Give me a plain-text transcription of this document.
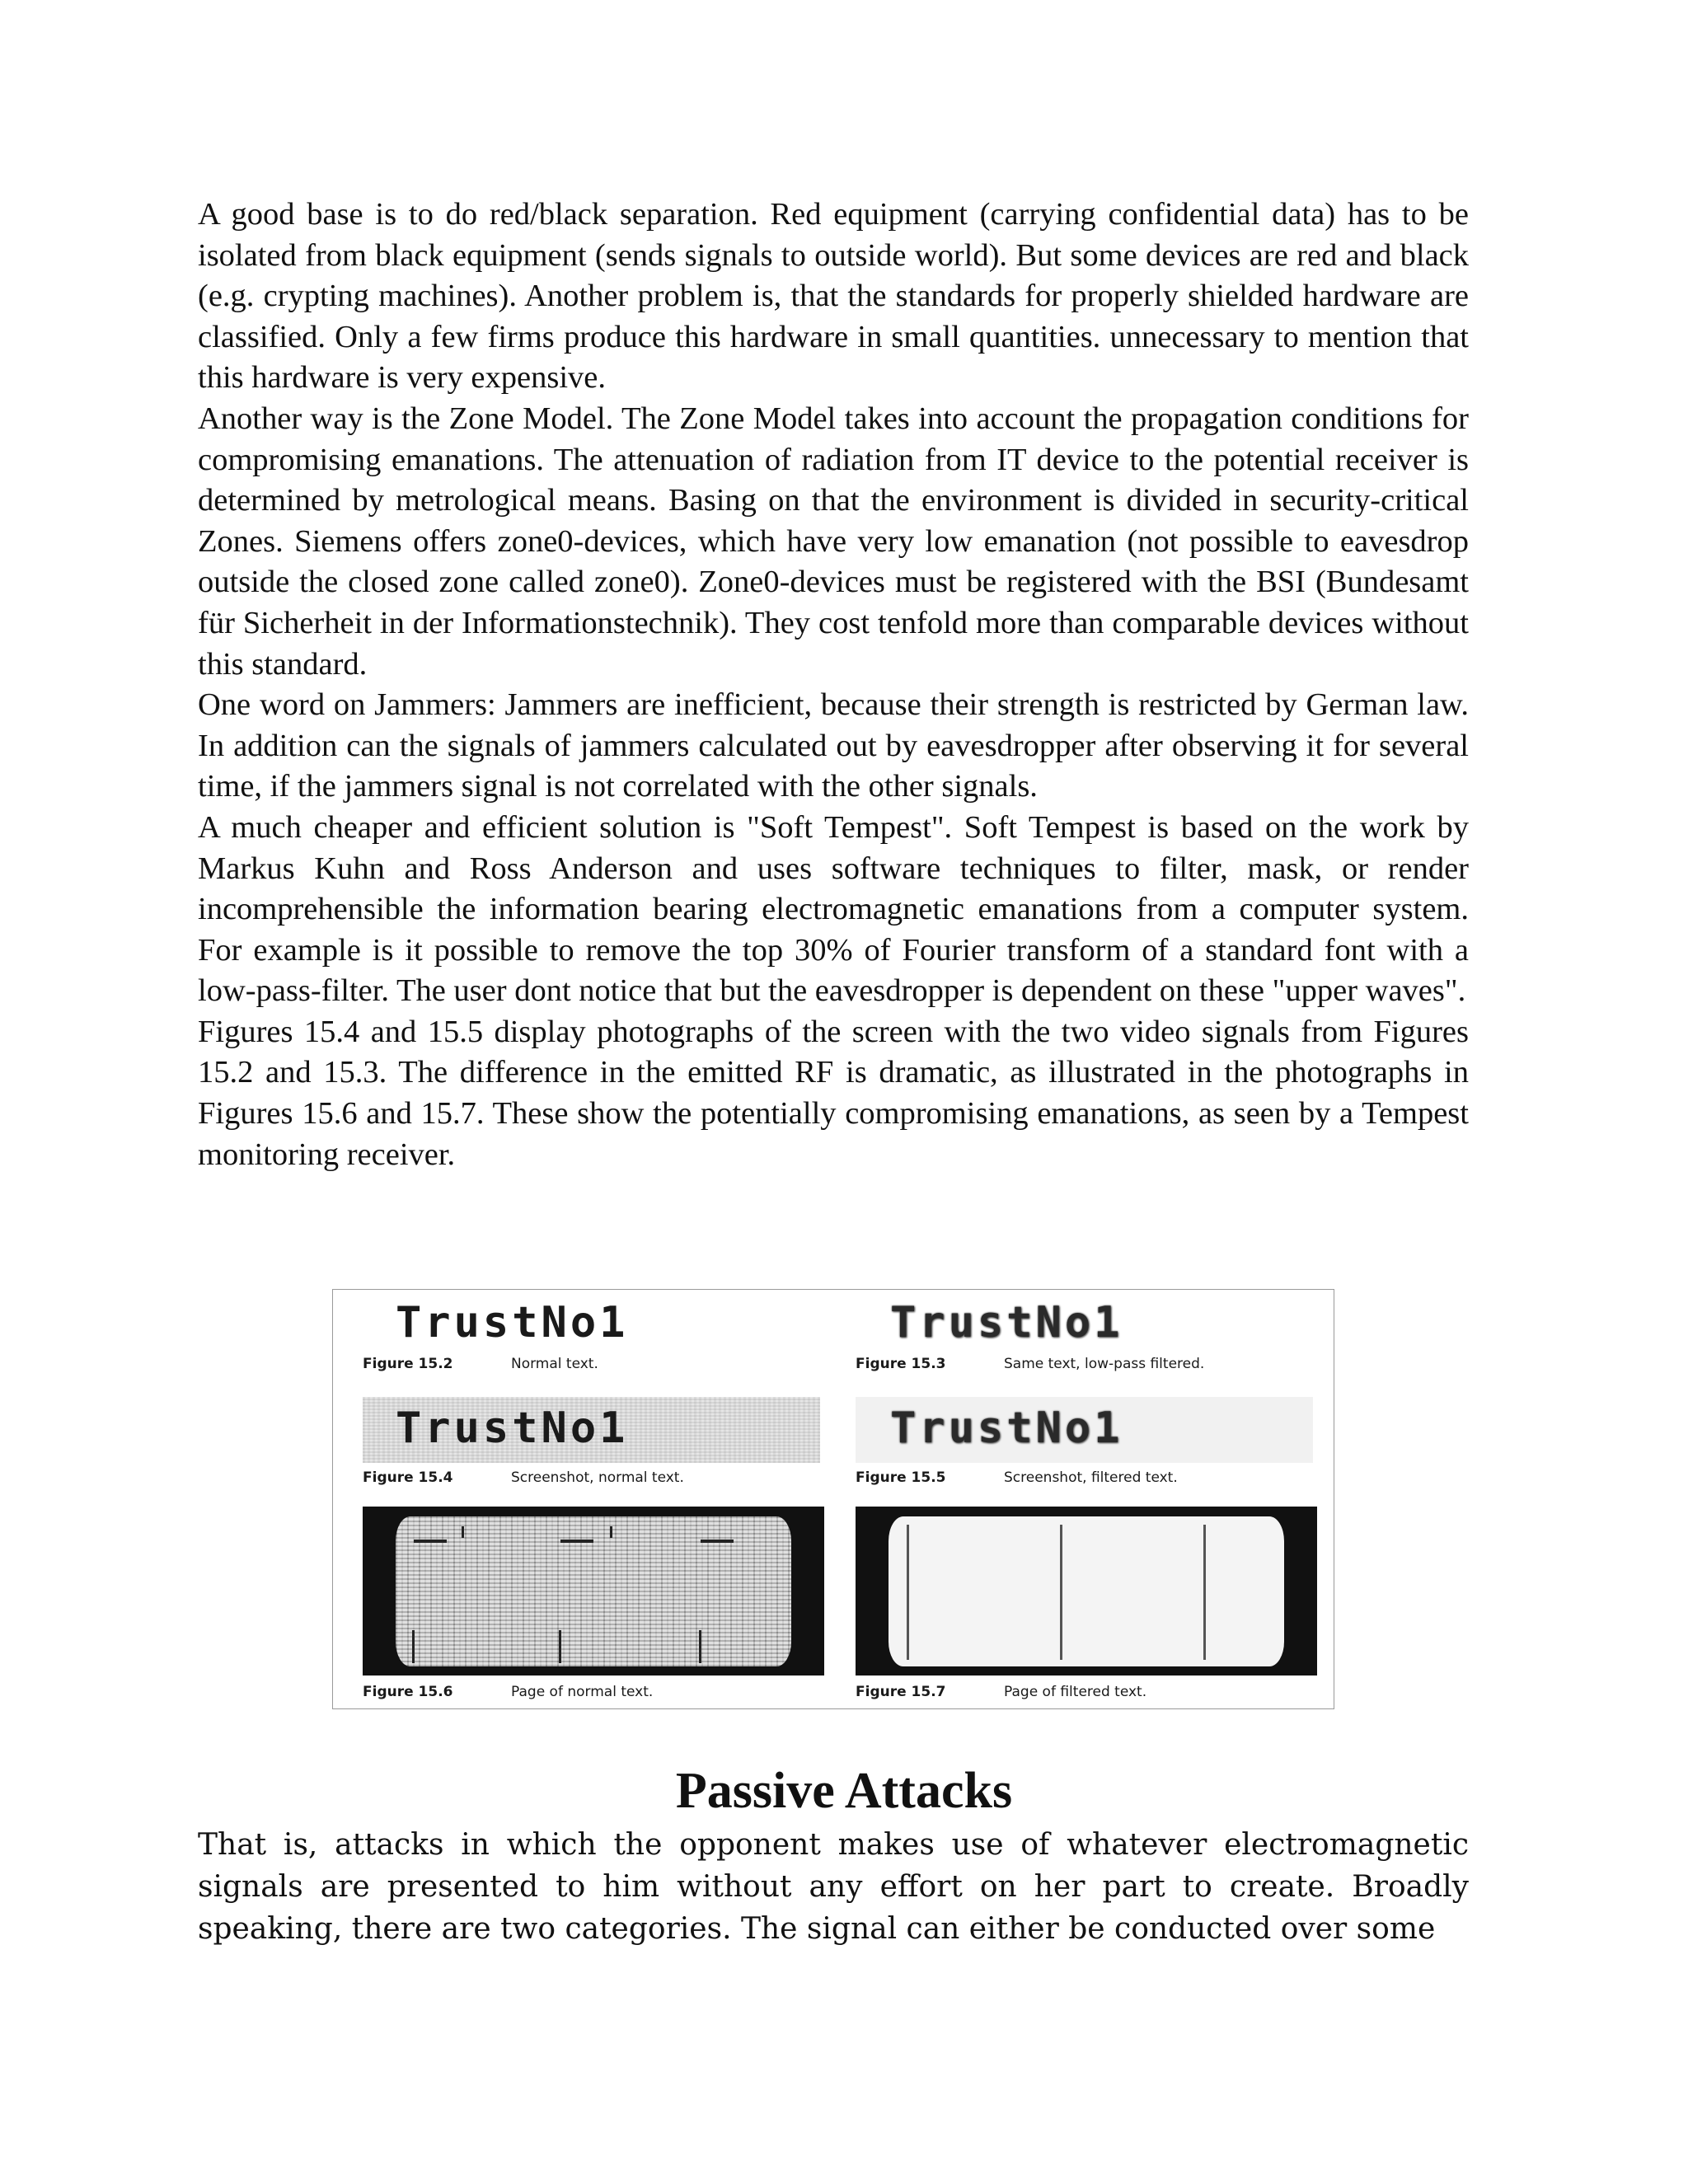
A good base is to do red/black separation. Red equipment (carrying confidential data) has to be isolated from black equipment (sends signals to outside world). But some devices are red and black (e.g. crypting machines). Another problem is, that the standards for properly shielded hardware are classified. Only a few firms produce this hardware in small quantities. unnecessary to mention that this hardware is very expensive.

Another way is the Zone Model. The Zone Model takes into account the propagation conditions for compromising emanations. The attenuation of radiation from IT device to the potential receiver is determined by metrological means. Basing on that the environment is divided in security-critical Zones. Siemens offers zone0-devices, which have very low emanation (not possible to eavesdrop outside the closed zone called zone0). Zone0-devices must be registered with the BSI (Bundesamt für Sicherheit in der Informationstechnik). They cost tenfold more than comparable devices without this standard.

One word on Jammers: Jammers are inefficient, because their strength is restricted by German law. In addition can the signals of jammers calculated out by eavesdropper after observing it for several time, if the jammers signal is not correlated with the other signals.

A much cheaper and efficient solution is "Soft Tempest". Soft Tempest is based on the work by Markus Kuhn and Ross Anderson and uses software techniques to filter, mask, or render incomprehensible the information bearing electromagnetic emanations from a computer system. For example is it possible to remove the top 30% of Fourier transform of a standard font with a low-pass-filter. The user dont notice that but the eavesdropper is dependent on these "upper waves".

Figures 15.4 and 15.5 display photographs of the screen with the two video signals from Figures 15.2 and 15.3. The difference in the emitted RF is dramatic, as illustrated in the photographs in Figures 15.6 and 15.7. These show the potentially compromising emanations, as seen by a Tempest monitoring receiver.

TrustNo1
Figure 15.2	Normal text.
TrustNo1
Figure 15.3	Same text, low-pass filtered.
TrustNo1
Figure 15.4	Screenshot, normal text.
TrustNo1
Figure 15.5	Screenshot, filtered text.
Figure 15.6	Page of normal text.	Figure 15.7	Page of filtered text.
Passive Attacks

That is, attacks in which the opponent makes use of whatever electromagnetic signals are presented to him without any effort on her part to create. Broadly speaking, there are two categories. The signal can either be conducted over some
